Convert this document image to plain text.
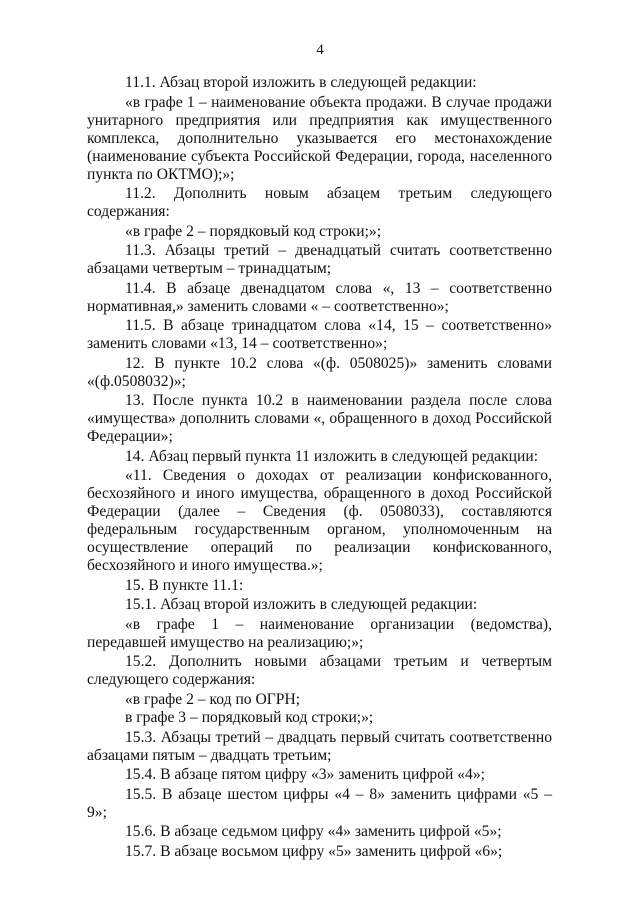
4

11.1. Абзац второй изложить в следующей редакции:

«в графе 1 – наименование объекта продажи. В случае продажи унитарного предприятия или предприятия как имущественного комплекса, дополнительно указывается его местонахождение (наименование субъекта Российской Федерации, города, населенного пункта по ОКТМО);»;

11.2. Дополнить новым абзацем третьим следующего содержания:

«в графе 2 – порядковый код строки;»;

11.3. Абзацы третий – двенадцатый считать соответственно абзацами четвертым – тринадцатым;

11.4. В абзаце двенадцатом слова «, 13 – соответственно нормативная,» заменить словами « – соответственно»;

11.5. В абзаце тринадцатом слова «14, 15 – соответственно» заменить словами «13, 14 – соответственно»;

12. В пункте 10.2 слова «(ф. 0508025)» заменить словами «(ф.0508032)»;

13. После пункта 10.2 в наименовании раздела после слова «имущества» дополнить словами «, обращенного в доход Российской Федерации»;

14. Абзац первый пункта 11 изложить в следующей редакции:

«11. Сведения о доходах от реализации конфискованного, бесхозяйного и иного имущества, обращенного в доход Российской Федерации (далее – Сведения (ф. 0508033), составляются федеральным государственным органом, уполномоченным на осуществление операций по реализации конфискованного, бесхозяйного и иного имущества.»;

15. В пункте 11.1:

15.1. Абзац второй изложить в следующей редакции:

«в графе 1 – наименование организации (ведомства), передавшей имущество на реализацию;»;

15.2. Дополнить новыми абзацами третьим и четвертым следующего содержания:

«в графе 2 – код по ОГРН;

в графе 3 – порядковый код строки;»;

15.3. Абзацы третий – двадцать первый считать соответственно абзацами пятым – двадцать третьим;

15.4. В абзаце пятом цифру «3» заменить цифрой «4»;

15.5. В абзаце шестом цифры «4 – 8» заменить цифрами «5 – 9»;

15.6. В абзаце седьмом цифру «4» заменить цифрой «5»;

15.7. В абзаце восьмом цифру «5» заменить цифрой «6»;
